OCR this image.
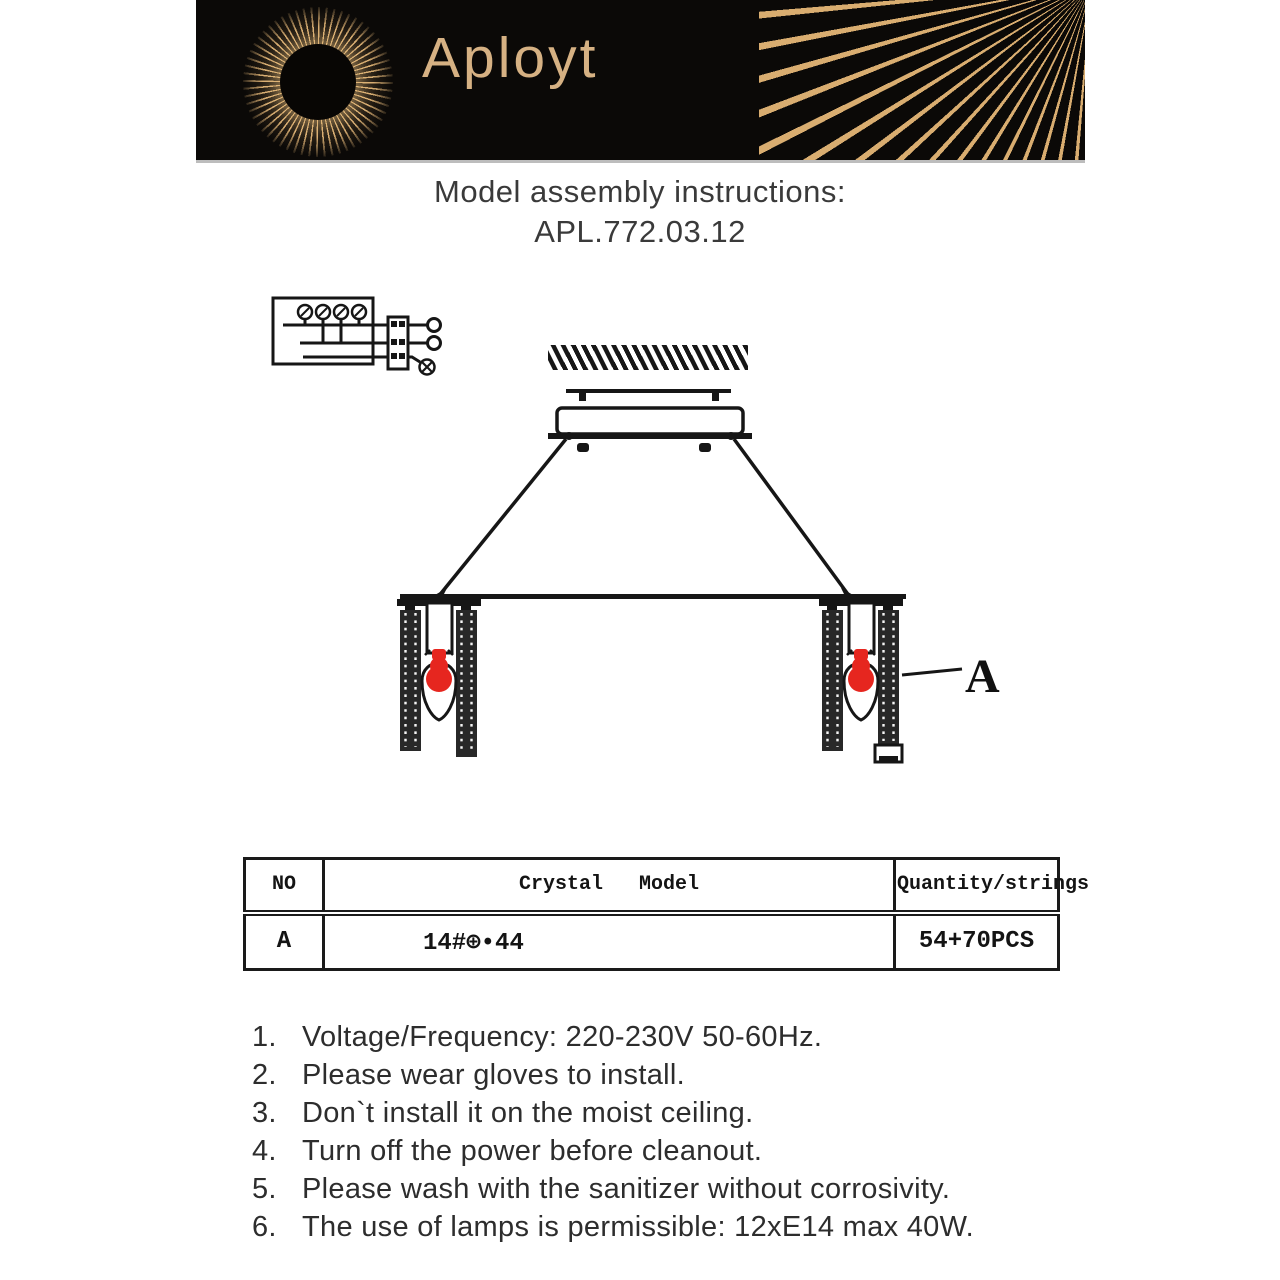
Aployt
Model assembly instructions:
APL.772.03.12
A
NO	Crystal   Model	Quantity/strings
A	14#⊕•44	54+70PCS
1. Voltage/Frequency: 220-230V 50-60Hz.
2. Please wear gloves to install.
3. Don`t install it on the moist ceiling.
4. Turn off the power before cleanout.
5. Please wash with the sanitizer without corrosivity.
6. The use of lamps is permissible: 12xE14 max 40W.
